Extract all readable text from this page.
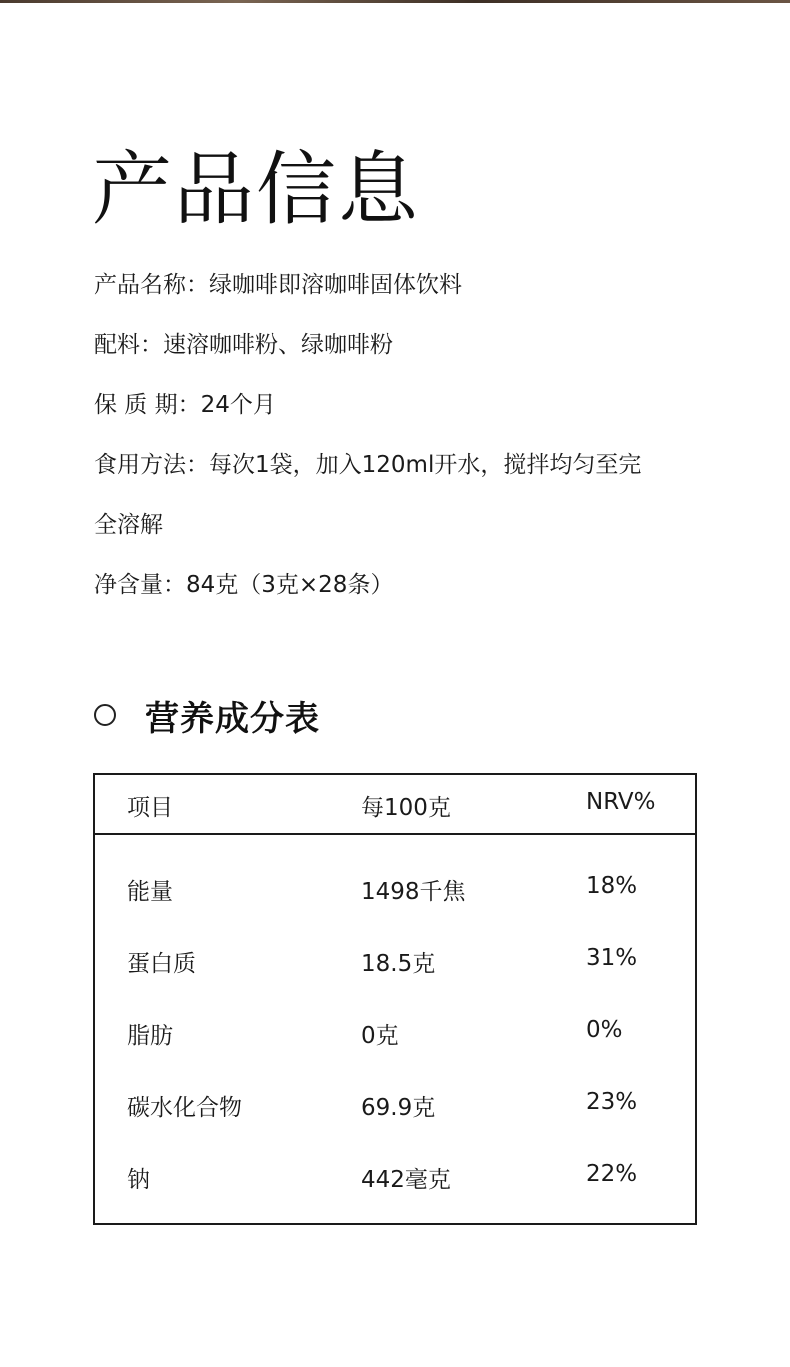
产品信息
产品名称：绿咖啡即溶咖啡固体饮料
配料：速溶咖啡粉、绿咖啡粉
保 质 期：24个月
食用方法：每次1袋，加入120ml开水，搅拌均匀至完
全溶解
净含量：84克（3克×28条）
营养成分表
项目	每100克	NRV%
能量	1498千焦	18%
蛋白质	18.5克	31%
脂肪	0克	0%
碳水化合物	69.9克	23%
钠	442毫克	22%
